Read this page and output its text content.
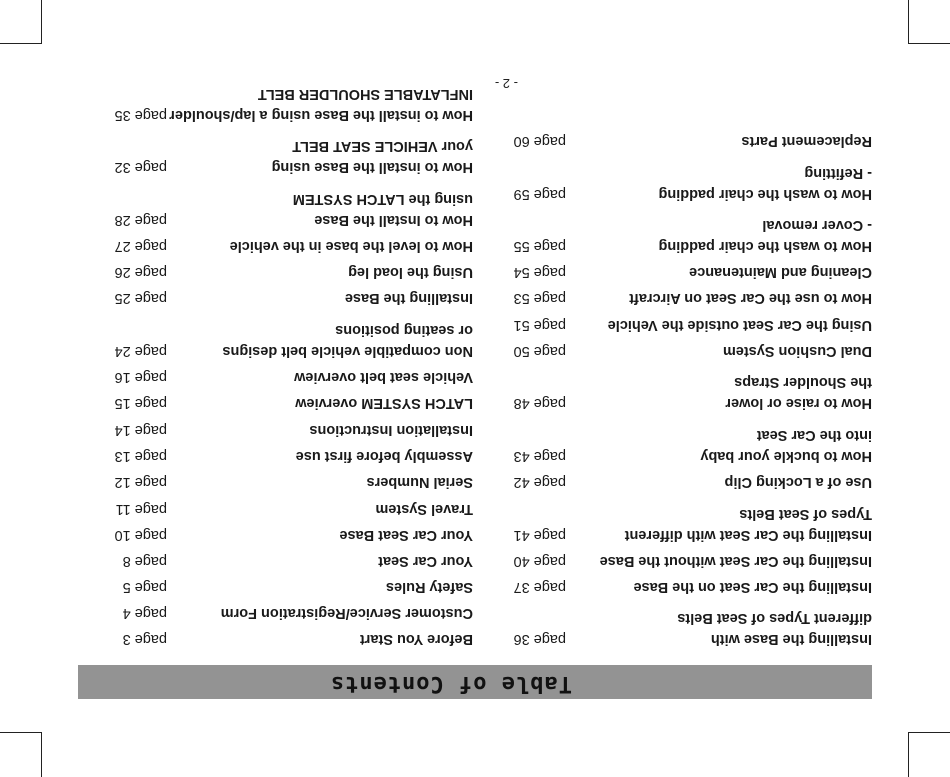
Table of Contents
Before You Start
page 3
Customer Service/Registration Form
page 4
Safety Rules
page 5
Your Car Seat
page 8
Your Car Seat Base
page 10
Travel System
page 11
Serial Numbers
page 12
Assembly before first use
page 13
Installation Instructions
page 14
LATCH SYSTEM overview
page 15
Vehicle seat belt overview
page 16
Non compatible vehicle belt designs
or seating positions
page 24
Installing the Base
page 25
Using the load leg
page 26
How to level the base in the vehicle
page 27
How to Install the Base
using the LATCH SYSTEM
page 28
How to install the Base using
your VEHICLE SEAT BELT
page 32
How to install the Base using a lap/shoulder
INFLATABLE SHOULDER BELT
page 35
Installing the Base with
different Types of Seat Belts
page 36
Installing the Car Seat on the Base
page 37
Installing the Car Seat without the Base
page 40
Installing the Car Seat with different
Types of Seat Belts
page 41
Use of a Locking Clip
page 42
How to buckle your baby
into the Car Seat
page 43
How to raise or lower
the Shoulder Straps
page 48
Dual Cushion System
page 50
Using the Car Seat outside the Vehicle
page 51
How to use the Car Seat on Aircraft
page 53
Cleaning and Maintenance
page 54
How to wash the chair padding
- Cover removal
page 55
How to wash the chair padding
- Refitting
page 59
Replacement Parts
page 60
- 2 -
